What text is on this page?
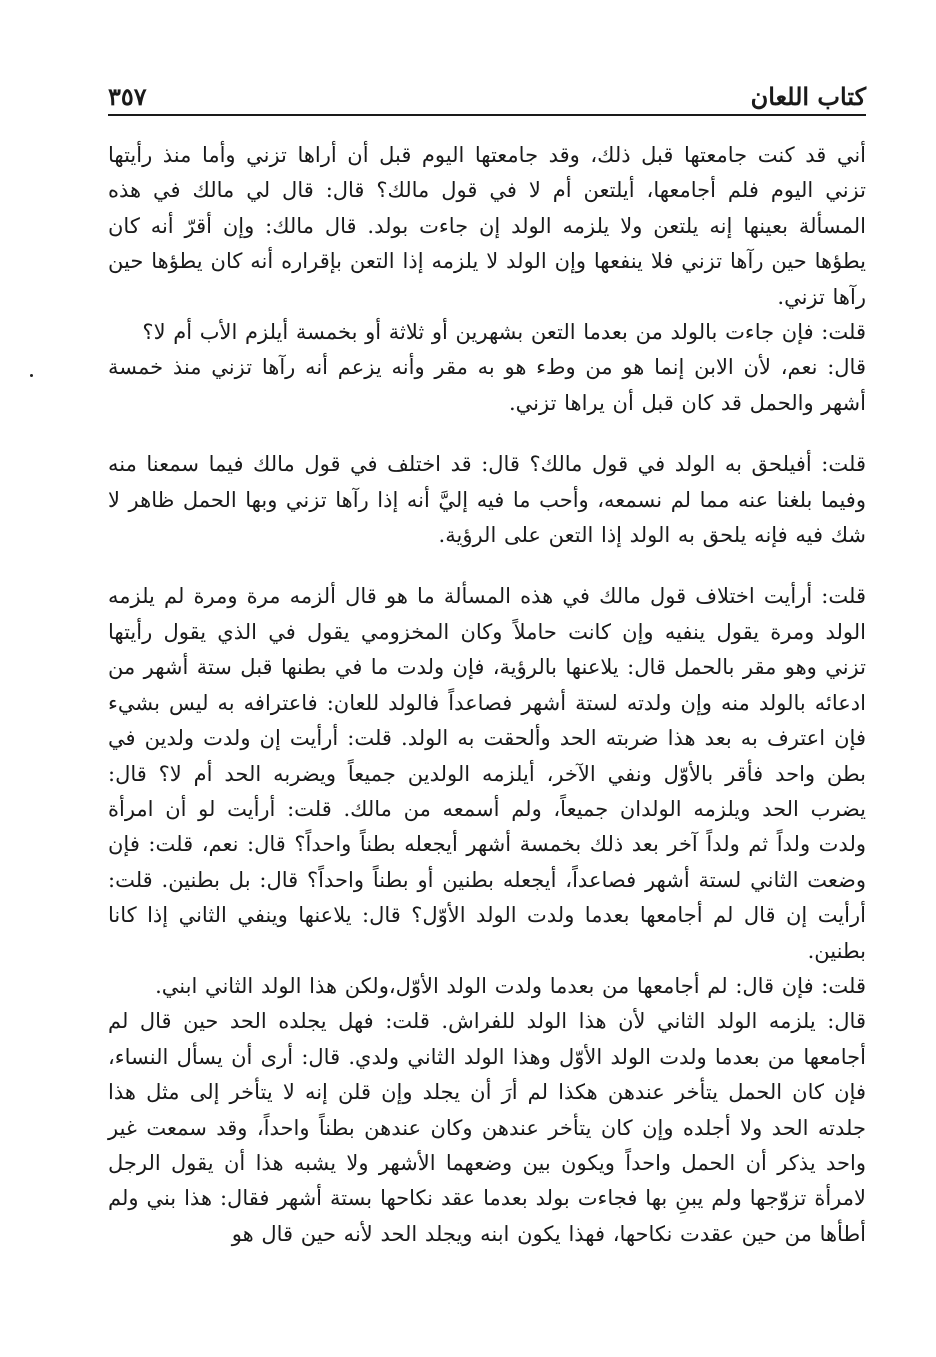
كتاب اللعان
٣٥٧

أني قد كنت جامعتها قبل ذلك، وقد جامعتها اليوم قبل أن أراها تزني وأما منذ رأيتها تزني اليوم فلم أجامعها، أيلتعن أم لا في قول مالك؟ قال: قال لي مالك في هذه المسألة بعينها إنه يلتعن ولا يلزمه الولد إن جاءت بولد. قال مالك: وإن أقرّ أنه كان يطؤها حين رآها تزني فلا ينفعها وإن الولد لا يلزمه إذا التعن بإقراره أنه كان يطؤها حين رآها تزني.

قلت: فإن جاءت بالولد من بعدما التعن بشهرين أو ثلاثة أو بخمسة أيلزم الأب أم لا؟

قال: نعم، لأن الابن إنما هو من وطء هو به مقر وأنه يزعم أنه رآها تزني منذ خمسة أشهر والحمل قد كان قبل أن يراها تزني.

قلت: أفيلحق به الولد في قول مالك؟ قال: قد اختلف في قول مالك فيما سمعنا منه وفيما بلغنا عنه مما لم نسمعه، وأحب ما فيه إليَّ أنه إذا رآها تزني وبها الحمل ظاهر لا شك فيه فإنه يلحق به الولد إذا التعن على الرؤية.

قلت: أرأيت اختلاف قول مالك في هذه المسألة ما هو قال ألزمه مرة ومرة لم يلزمه الولد ومرة يقول ينفيه وإن كانت حاملاً وكان المخزومي يقول في الذي يقول رأيتها تزني وهو مقر بالحمل قال: يلاعنها بالرؤية، فإن ولدت ما في بطنها قبل ستة أشهر من ادعائه بالولد منه وإن ولدته لستة أشهر فصاعداً فالولد للعان: فاعترافه به ليس بشيء فإن اعترف به بعد هذا ضربته الحد وألحقت به الولد. قلت: أرأيت إن ولدت ولدين في بطن واحد فأقر بالأوّل ونفي الآخر، أيلزمه الولدين جميعاً ويضربه الحد أم لا؟ قال: يضرب الحد ويلزمه الولدان جميعاً، ولم أسمعه من مالك. قلت: أرأيت لو أن امرأة ولدت ولداً ثم ولداً آخر بعد ذلك بخمسة أشهر أيجعله بطناً واحداً؟ قال: نعم، قلت: فإن وضعت الثاني لستة أشهر فصاعداً، أيجعله بطنين أو بطناً واحداً؟ قال: بل بطنين. قلت: أرأيت إن قال لم أجامعها بعدما ولدت الولد الأوّل؟ قال: يلاعنها وينفي الثاني إذا كانا بطنين.

قلت: فإن قال: لم أجامعها من بعدما ولدت الولد الأوّل،ولكن هذا الولد الثاني ابني.

قال: يلزمه الولد الثاني لأن هذا الولد للفراش. قلت: فهل يجلده الحد حين قال لم أجامعها من بعدما ولدت الولد الأوّل وهذا الولد الثاني ولدي. قال: أرى أن يسأل النساء، فإن كان الحمل يتأخر عندهن هكذا لم أرَ أن يجلد وإن قلن إنه لا يتأخر إلى مثل هذا جلدته الحد ولا أجلده وإن كان يتأخر عندهن وكان عندهن بطناً واحداً، وقد سمعت غير واحد يذكر أن الحمل واحداً ويكون بين وضعهما الأشهر ولا يشبه هذا أن يقول الرجل لامرأة تزوّجها ولم يبنِ بها فجاءت بولد بعدما عقد نكاحها بستة أشهر فقال: هذا بني ولم أطأها من حين عقدت نكاحها، فهذا يكون ابنه ويجلد الحد لأنه حين قال هو
